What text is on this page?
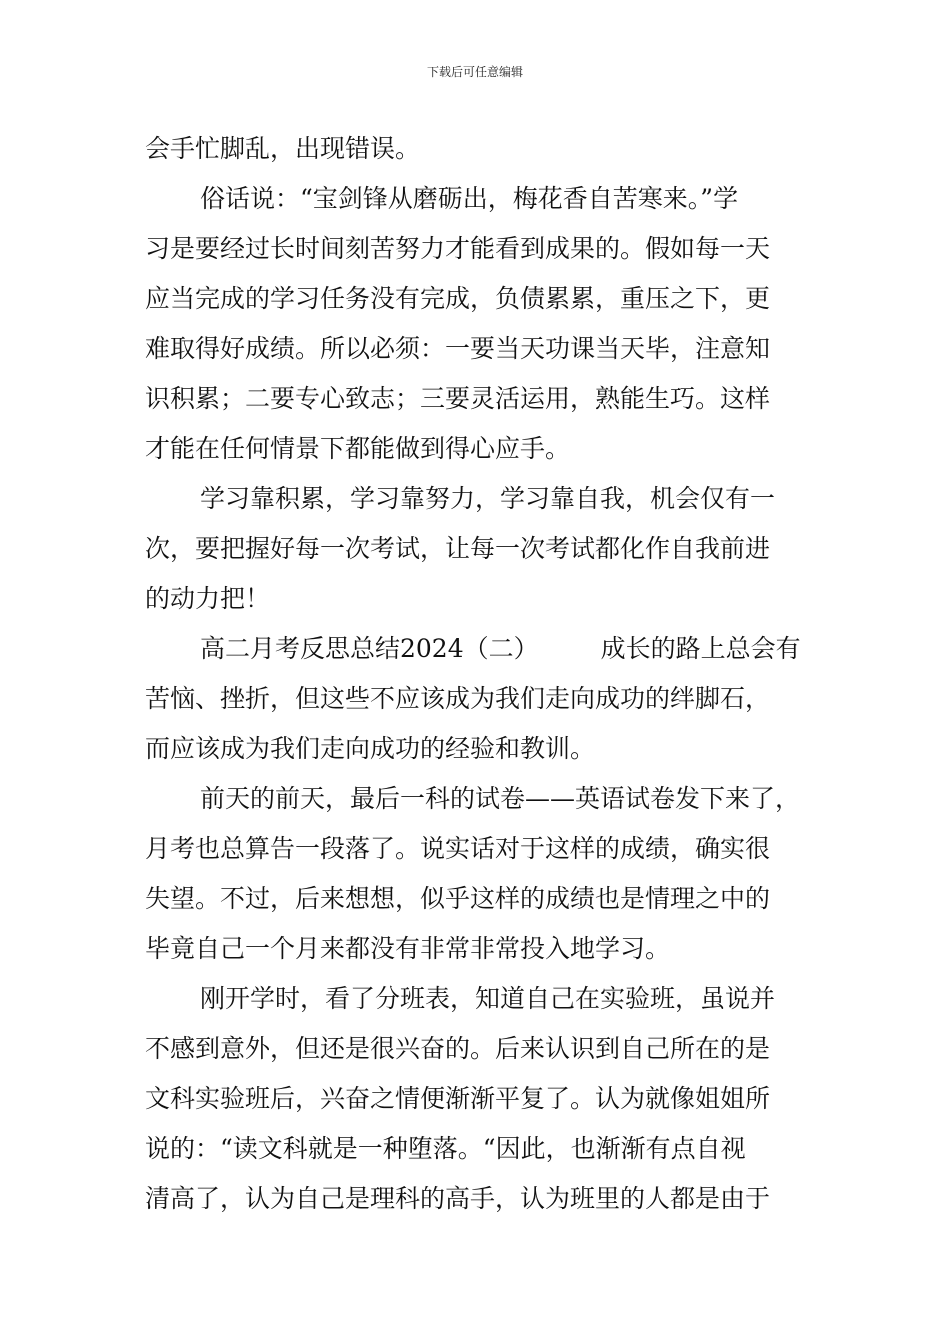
下载后可任意编辑
会手忙脚乱，出现错误。
俗话说：“宝剑锋从磨砺出，梅花香自苦寒来。”学
习是要经过长时间刻苦努力才能看到成果的。假如每一天
应当完成的学习任务没有完成，负债累累，重压之下，更
难取得好成绩。所以必须：一要当天功课当天毕，注意知
识积累；二要专心致志；三要灵活运用，熟能生巧。这样
才能在任何情景下都能做到得心应手。
学习靠积累，学习靠努力，学习靠自我，机会仅有一
次，要把握好每一次考试，让每一次考试都化作自我前进
的动力把！
高二月考反思总结2024（二） 成长的路上总会有
苦恼、挫折，但这些不应该成为我们走向成功的绊脚石，
而应该成为我们走向成功的经验和教训。
前天的前天，最后一科的试卷——英语试卷发下来了，
月考也总算告一段落了。说实话对于这样的成绩，确实很
失望。不过，后来想想，似乎这样的成绩也是情理之中的
毕竟自己一个月来都没有非常非常投入地学习。
刚开学时，看了分班表，知道自己在实验班，虽说并
不感到意外，但还是很兴奋的。后来认识到自己所在的是
文科实验班后，兴奋之情便渐渐平复了。认为就像姐姐所
说的：“读文科就是一种堕落。“因此，也渐渐有点自视
清高了，认为自己是理科的高手，认为班里的人都是由于
